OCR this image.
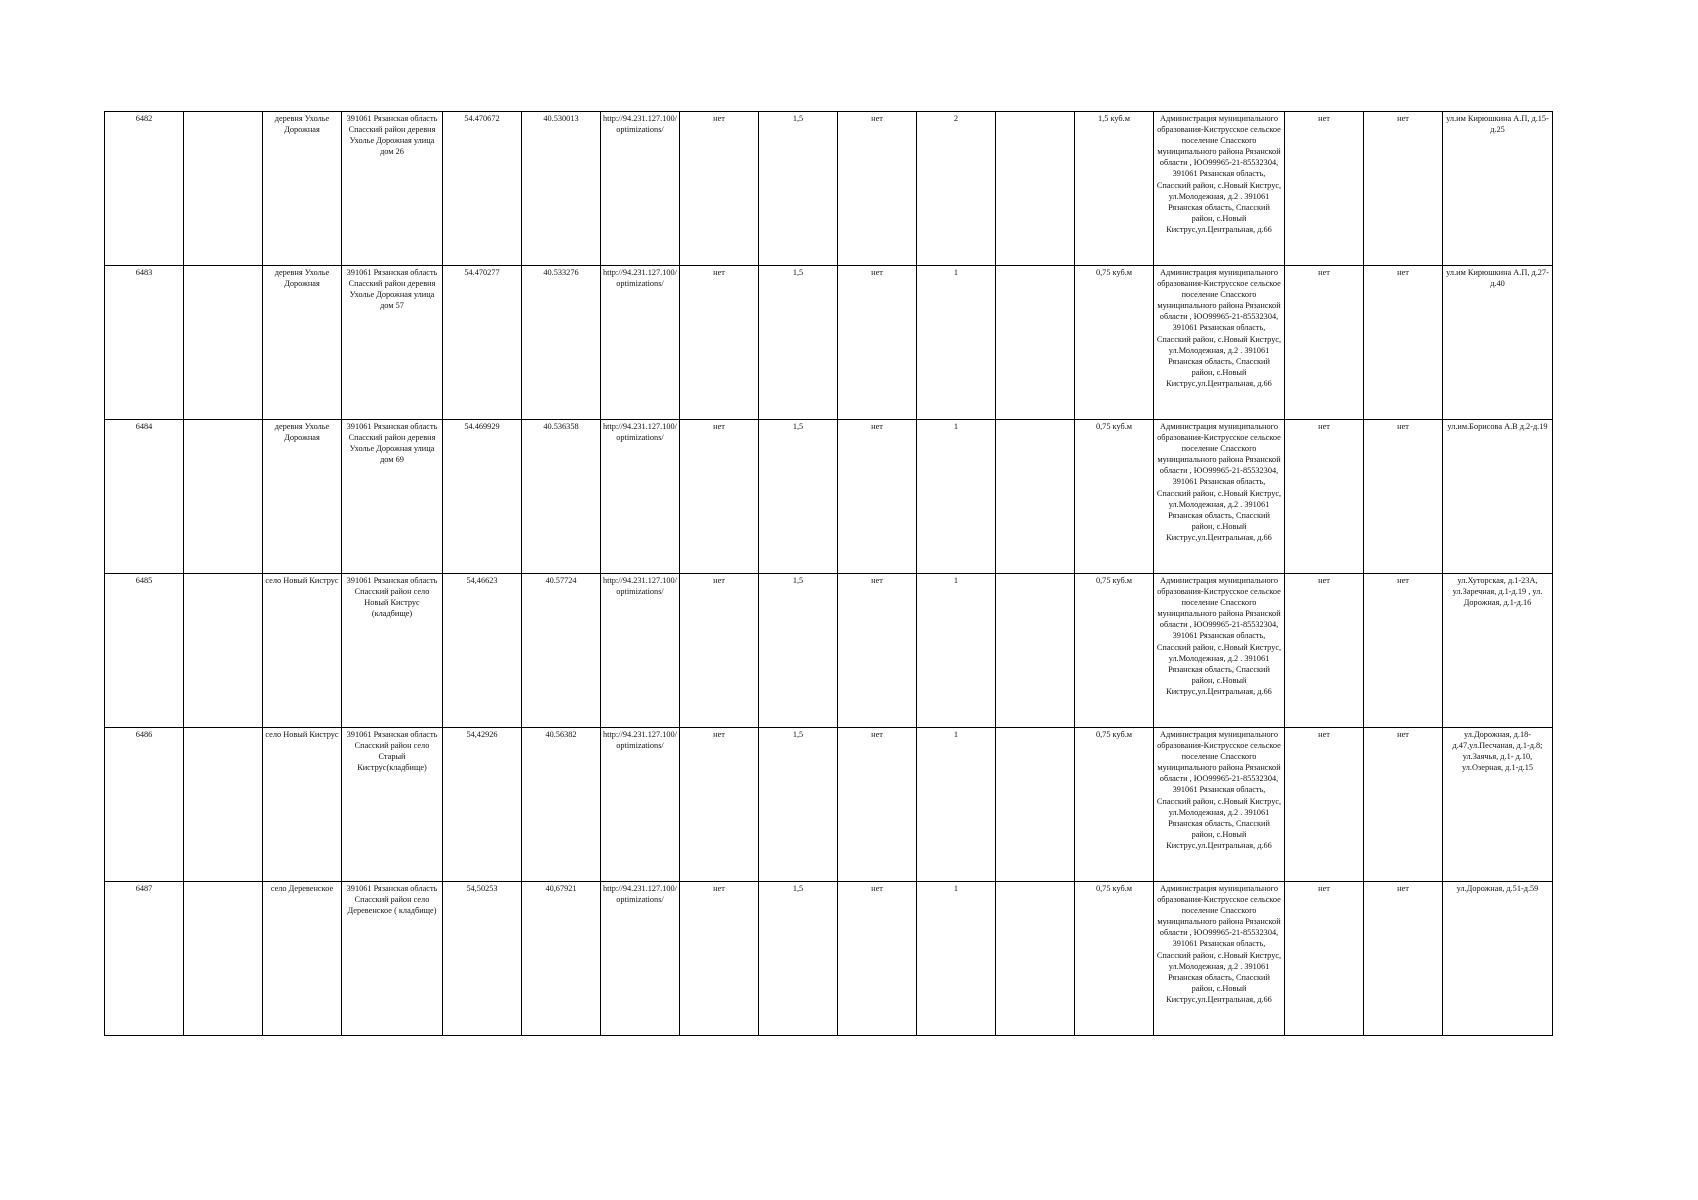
6482		деревня Ухолье Дорожная	391061 Рязанская область Спасский район деревня Ухолье Дорожная улица дом 26	54.470672	40.530013	http://94.231.127.100/optimizations/	нет	1,5	нет	2		1,5 куб.м	Администрация муниципального образования-Киструсское сельское поселение Спасского муниципального района Рязанской области , ЮО99965-21-85532304, 391061 Рязанская область, Спасский район, с.Новый Киструс, ул.Молодежная, д.2 . 391061 Рязанская область, Спасский район, с.Новый Киструс,ул.Центральная, д.66	нет	нет	ул.им Кирюшкина А.П, д.15-д.25
6483		деревня Ухолье Дорожная	391061 Рязанская область Спасский район деревня Ухолье Дорожная улица дом 57	54.470277	40.533276	http://94.231.127.100/optimizations/	нет	1,5	нет	1		0,75 куб.м	Администрация муниципального образования-Киструсское сельское поселение Спасского муниципального района Рязанской области , ЮО99965-21-85532304, 391061 Рязанская область, Спасский район, с.Новый Киструс, ул.Молодежная, д.2 . 391061 Рязанская область, Спасский район, с.Новый Киструс,ул.Центральная, д.66	нет	нет	ул.им Кирюшкина А.П, д.27-д.40
6484		деревня Ухолье Дорожная	391061 Рязанская область Спасский район деревня Ухолье Дорожная улица дом 69	54.469929	40.536358	http://94.231.127.100/optimizations/	нет	1,5	нет	1		0,75 куб.м	Администрация муниципального образования-Киструсское сельское поселение Спасского муниципального района Рязанской области , ЮО99965-21-85532304, 391061 Рязанская область, Спасский район, с.Новый Киструс, ул.Молодежная, д.2 . 391061 Рязанская область, Спасский район, с.Новый Киструс,ул.Центральная, д.66	нет	нет	ул.им.Борисова А.В д.2-д.19
6485		село Новый Киструс	391061 Рязанская область Спасский район село Новый Киструс (кладбище)	54,46623	40.57724	http://94.231.127.100/optimizations/	нет	1,5	нет	1		0,75 куб.м	Администрация муниципального образования-Киструсское сельское поселение Спасского муниципального района Рязанской области , ЮО99965-21-85532304, 391061 Рязанская область, Спасский район, с.Новый Киструс, ул.Молодежная, д.2 . 391061 Рязанская область, Спасский район, с.Новый Киструс,ул.Центральная, д.66	нет	нет	ул.Хуторская, д.1-23А, ул.Заречная, д.1-д.19 , ул. Дорожная, д.1-д.16
6486		село Новый Киструс	391061 Рязанская область Спасский район село Старый Киструс(кладбище)	54,42926	40.56382	http://94.231.127.100/optimizations/	нет	1,5	нет	1		0,75 куб.м	Администрация муниципального образования-Киструсское сельское поселение Спасского муниципального района Рязанской области , ЮО99965-21-85532304, 391061 Рязанская область, Спасский район, с.Новый Киструс, ул.Молодежная, д.2 . 391061 Рязанская область, Спасский район, с.Новый Киструс,ул.Центральная, д.66	нет	нет	ул.Дорожная, д.18-д.47,ул.Песчаная, д.1-д.8; ул.Заячья, д.1- д.10, ул.Озерная, д.1-д.15
6487		село Деревенское	391061 Рязанская область Спасский район село Деревенское ( кладбище)	54,50253	40,67921	http://94.231.127.100/optimizations/	нет	1,5	нет	1		0,75 куб.м	Администрация муниципального образования-Киструсское сельское поселение Спасского муниципального района Рязанской области , ЮО99965-21-85532304, 391061 Рязанская область, Спасский район, с.Новый Киструс, ул.Молодежная, д.2 . 391061 Рязанская область, Спасский район, с.Новый Киструс,ул.Центральная, д.66	нет	нет	ул.Дорожная, д.51-д.59
